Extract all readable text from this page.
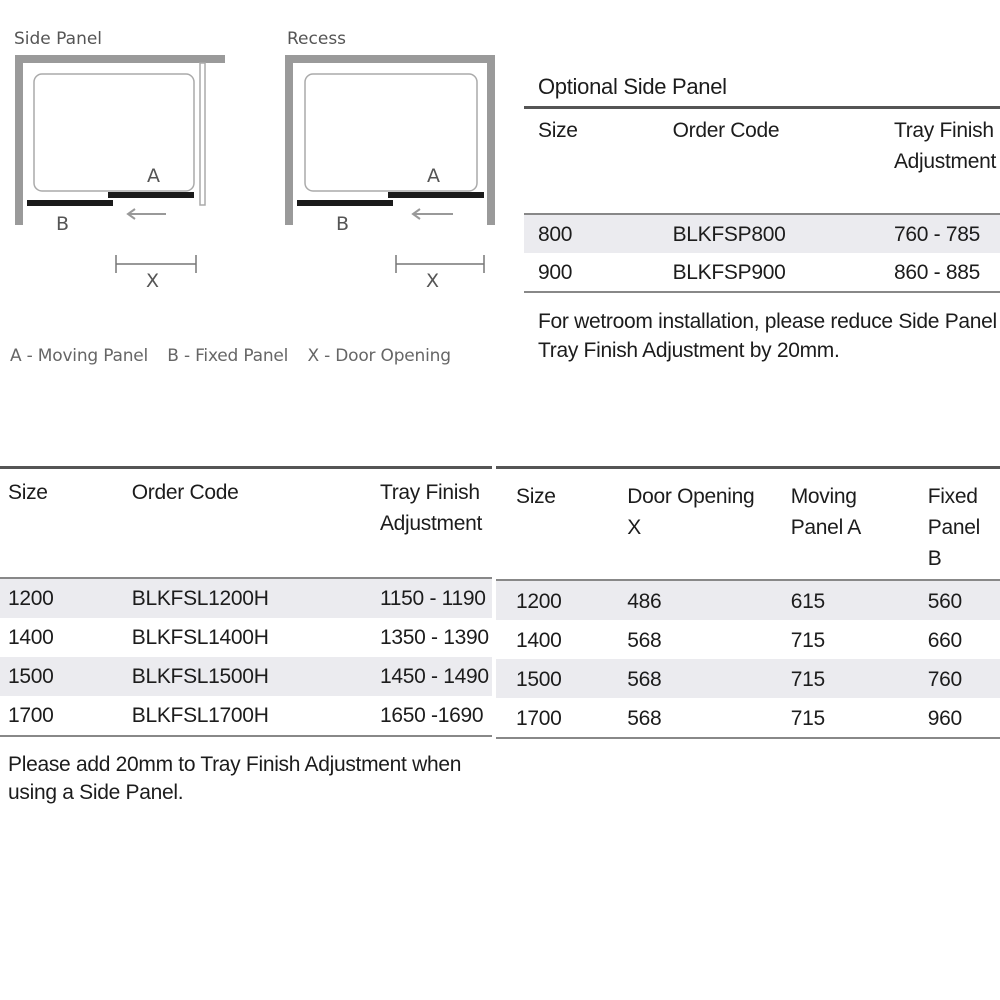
Side Panel
A
B
X
Recess
A
B
X
A - Moving Panel B - Fixed Panel X - Door Opening
Optional Side Panel		
Size	Order Code	Tray Finish Adjustment
800	BLKFSP800	760 - 785
900	BLKFSP900	860 - 885
For wetroom installation, please reduce Side Panel Tray Finish Adjustment by 20mm.
Size	Order Code	Tray Finish Adjustment
1200	BLKFSL1200H	1150 - 1190
1400	BLKFSL1400H	1350 - 1390
1500	BLKFSL1500H	1450 - 1490
1700	BLKFSL1700H	1650 -1690
Size	Door Opening X	Moving Panel A	Fixed Panel B
1200	486	615	560
1400	568	715	660
1500	568	715	760
1700	568	715	960
Please add 20mm to Tray Finish Adjustment when using a Side Panel.
